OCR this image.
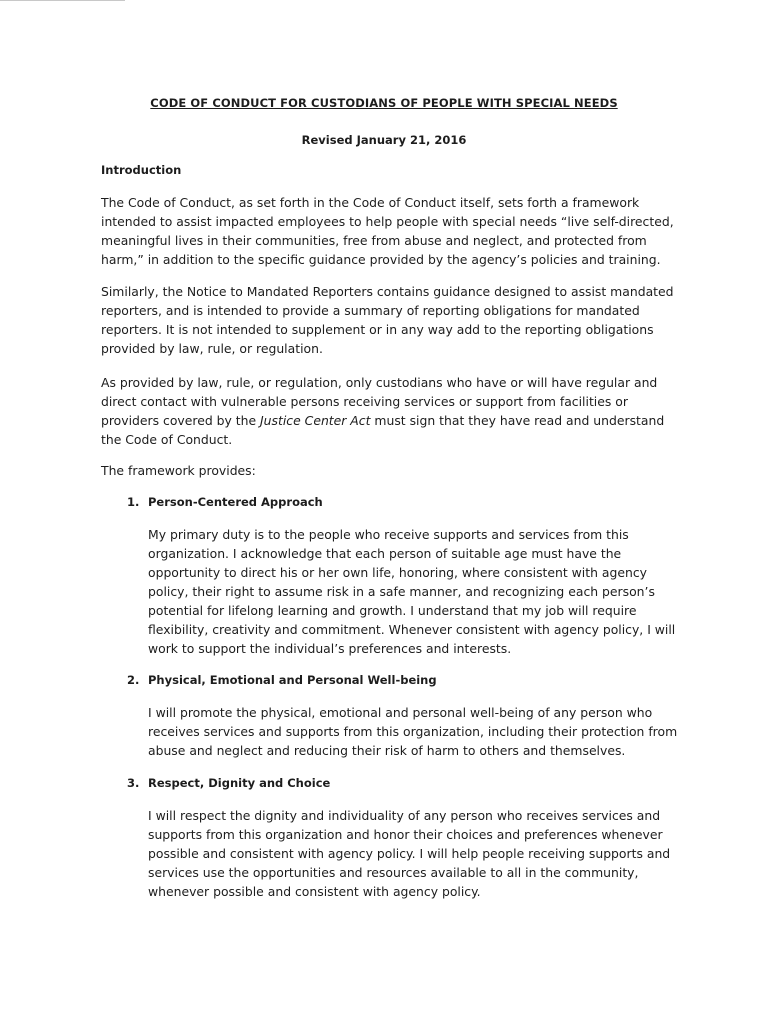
CODE OF CONDUCT FOR CUSTODIANS OF PEOPLE WITH SPECIAL NEEDS

Revised January 21, 2016

Introduction

The Code of Conduct, as set forth in the Code of Conduct itself, sets forth a framework intended to assist impacted employees to help people with special needs “live self-directed, meaningful lives in their communities, free from abuse and neglect, and protected from harm,” in addition to the specific guidance provided by the agency’s policies and training.

Similarly, the Notice to Mandated Reporters contains guidance designed to assist mandated reporters, and is intended to provide a summary of reporting obligations for mandated reporters. It is not intended to supplement or in any way add to the reporting obligations provided by law, rule, or regulation.

As provided by law, rule, or regulation, only custodians who have or will have regular and direct contact with vulnerable persons receiving services or support from facilities or providers covered by the Justice Center Act must sign that they have read and understand the Code of Conduct.

The framework provides:

1. Person-Centered Approach

My primary duty is to the people who receive supports and services from this organization. I acknowledge that each person of suitable age must have the opportunity to direct his or her own life, honoring, where consistent with agency policy, their right to assume risk in a safe manner, and recognizing each person’s potential for lifelong learning and growth. I understand that my job will require flexibility, creativity and commitment. Whenever consistent with agency policy, I will work to support the individual’s preferences and interests.

2. Physical, Emotional and Personal Well-being

I will promote the physical, emotional and personal well-being of any person who receives services and supports from this organization, including their protection from abuse and neglect and reducing their risk of harm to others and themselves.

3. Respect, Dignity and Choice

I will respect the dignity and individuality of any person who receives services and supports from this organization and honor their choices and preferences whenever possible and consistent with agency policy. I will help people receiving supports and services use the opportunities and resources available to all in the community, whenever possible and consistent with agency policy.
